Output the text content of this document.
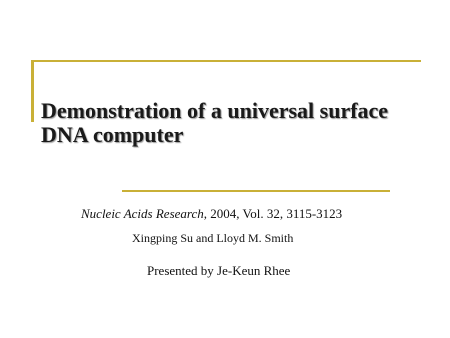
Demonstration of a universal surface
DNA computer

Nucleic Acids Research, 2004, Vol. 32, 3115-3123

Xingping Su and Lloyd M. Smith

Presented by Je-Keun Rhee
